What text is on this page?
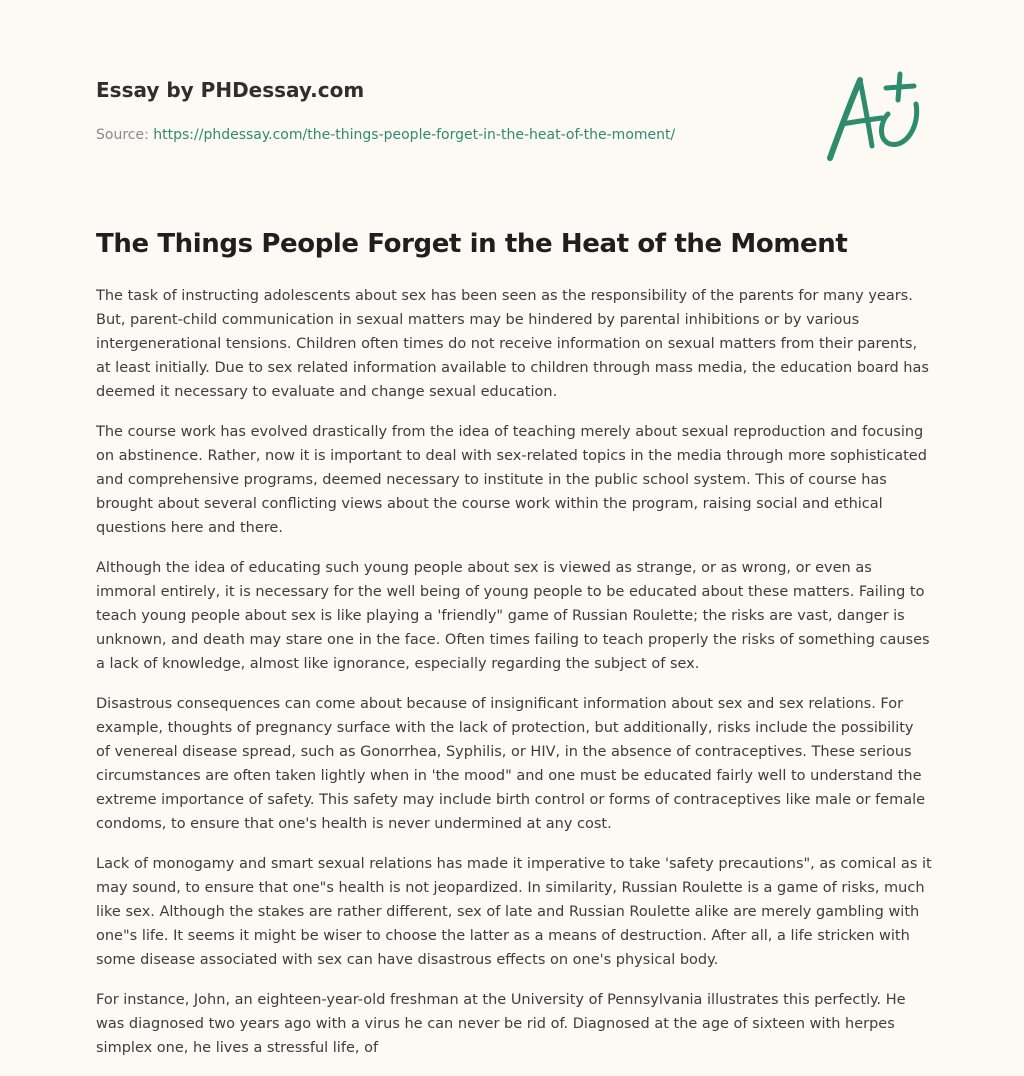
Essay by PHDessay.com
Source: https://phdessay.com/the-things-people-forget-in-the-heat-of-the-moment/
The Things People Forget in the Heat of the Moment

The task of instructing adolescents about sex has been seen as the responsibility of the parents for many years. But, parent-child communication in sexual matters may be hindered by parental inhibitions or by various intergenerational tensions. Children often times do not receive information on sexual matters from their parents, at least initially. Due to sex related information available to children through mass media, the education board has deemed it necessary to evaluate and change sexual education.

The course work has evolved drastically from the idea of teaching merely about sexual reproduction and focusing on abstinence. Rather, now it is important to deal with sex-related topics in the media through more sophisticated and comprehensive programs, deemed necessary to institute in the public school system. This of course has brought about several conflicting views about the course work within the program, raising social and ethical questions here and there.

Although the idea of educating such young people about sex is viewed as strange, or as wrong, or even as immoral entirely, it is necessary for the well being of young people to be educated about these matters. Failing to teach young people about sex is like playing a 'friendly" game of Russian Roulette; the risks are vast, danger is unknown, and death may stare one in the face. Often times failing to teach properly the risks of something causes a lack of knowledge, almost like ignorance, especially regarding the subject of sex.

Disastrous consequences can come about because of insignificant information about sex and sex relations. For example, thoughts of pregnancy surface with the lack of protection, but additionally, risks include the possibility of venereal disease spread, such as Gonorrhea, Syphilis, or HIV, in the absence of contraceptives. These serious circumstances are often taken lightly when in 'the mood" and one must be educated fairly well to understand the extreme importance of safety. This safety may include birth control or forms of contraceptives like male or female condoms, to ensure that one's health is never undermined at any cost.

Lack of monogamy and smart sexual relations has made it imperative to take 'safety precautions", as comical as it may sound, to ensure that one"s health is not jeopardized. In similarity, Russian Roulette is a game of risks, much like sex. Although the stakes are rather different, sex of late and Russian Roulette alike are merely gambling with one"s life. It seems it might be wiser to choose the latter as a means of destruction. After all, a life stricken with some disease associated with sex can have disastrous effects on one's physical body.

For instance, John, an eighteen-year-old freshman at the University of Pennsylvania illustrates this perfectly. He was diagnosed two years ago with a virus he can never be rid of. Diagnosed at the age of sixteen with herpes simplex one, he lives a stressful life, of
